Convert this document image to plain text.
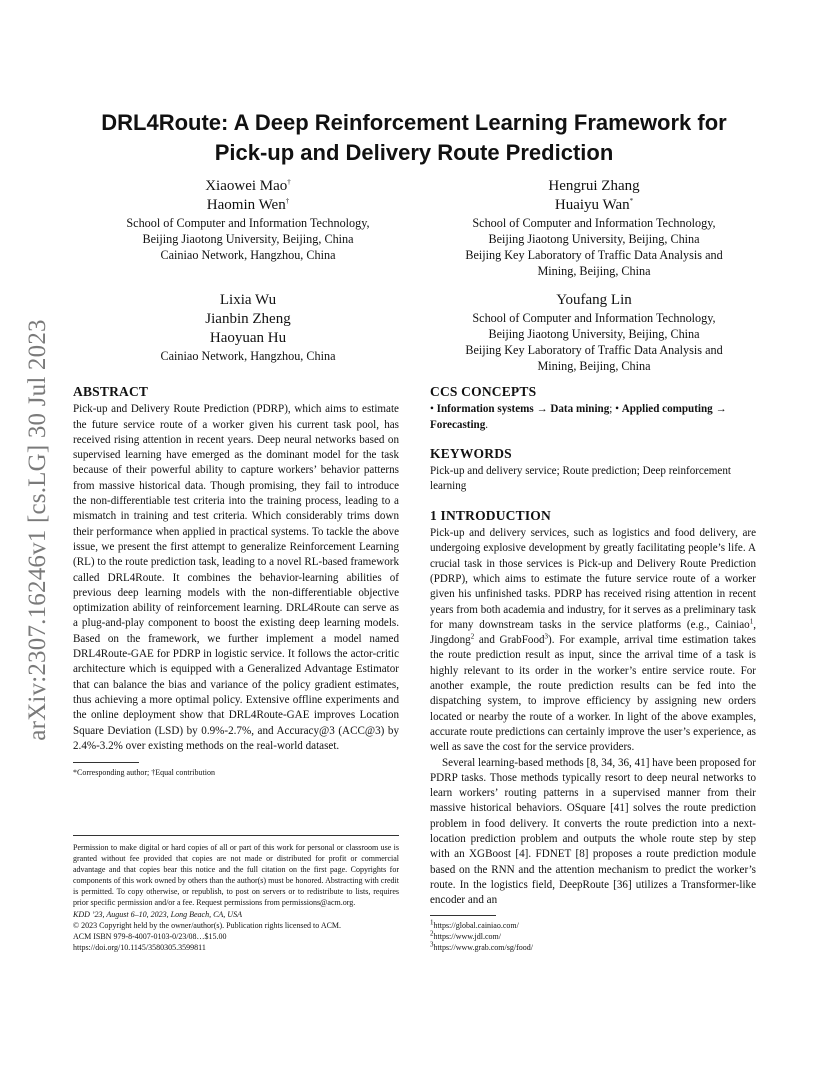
arXiv:2307.16246v1 [cs.LG] 30 Jul 2023
DRL4Route: A Deep Reinforcement Learning Framework for
Pick-up and Delivery Route Prediction
Xiaowei Mao†
Haomin Wen†
School of Computer and Information Technology,
Beijing Jiaotong University, Beijing, China
Cainiao Network, Hangzhou, China
Hengrui Zhang
Huaiyu Wan*
School of Computer and Information Technology,
Beijing Jiaotong University, Beijing, China
Beijing Key Laboratory of Traffic Data Analysis and
Mining, Beijing, China
Lixia Wu
Jianbin Zheng
Haoyuan Hu
Cainiao Network, Hangzhou, China
Youfang Lin
School of Computer and Information Technology,
Beijing Jiaotong University, Beijing, China
Beijing Key Laboratory of Traffic Data Analysis and
Mining, Beijing, China
ABSTRACT

Pick-up and Delivery Route Prediction (PDRP), which aims to estimate the future service route of a worker given his current task pool, has received rising attention in recent years. Deep neural networks based on supervised learning have emerged as the dominant model for the task because of their powerful ability to capture workers’ behavior patterns from massive historical data. Though promising, they fail to introduce the non-differentiable test criteria into the training process, leading to a mismatch in training and test criteria. Which considerably trims down their performance when applied in practical systems. To tackle the above issue, we present the first attempt to generalize Reinforcement Learning (RL) to the route prediction task, leading to a novel RL-based framework called DRL4Route. It combines the behavior-learning abilities of previous deep learning models with the non-differentiable objective optimization ability of reinforcement learning. DRL4Route can serve as a plug-and-play component to boost the existing deep learning models. Based on the framework, we further implement a model named DRL4Route-GAE for PDRP in logistic service. It follows the actor-critic architecture which is equipped with a Generalized Advantage Estimator that can balance the bias and variance of the policy gradient estimates, thus achieving a more optimal policy. Extensive offline experiments and the online deployment show that DRL4Route-GAE improves Location Square Deviation (LSD) by 0.9%-2.7%, and Accuracy@3 (ACC@3) by 2.4%-3.2% over existing methods on the real-world dataset.

*Corresponding author; †Equal contribution

Permission to make digital or hard copies of all or part of this work for personal or classroom use is granted without fee provided that copies are not made or distributed for profit or commercial advantage and that copies bear this notice and the full citation on the first page. Copyrights for components of this work owned by others than the author(s) must be honored. Abstracting with credit is permitted. To copy otherwise, or republish, to post on servers or to redistribute to lists, requires prior specific permission and/or a fee. Request permissions from permissions@acm.org.

KDD ’23, August 6–10, 2023, Long Beach, CA, USA

© 2023 Copyright held by the owner/author(s). Publication rights licensed to ACM.

ACM ISBN 979-8-4007-0103-0/23/08…$15.00

https://doi.org/10.1145/3580305.3599811

CCS CONCEPTS

• Information systems → Data mining; • Applied computing → Forecasting.

KEYWORDS

Pick-up and delivery service; Route prediction; Deep reinforcement learning

1 INTRODUCTION

Pick-up and delivery services, such as logistics and food delivery, are undergoing explosive development by greatly facilitating people’s life. A crucial task in those services is Pick-up and Delivery Route Prediction (PDRP), which aims to estimate the future service route of a worker given his unfinished tasks. PDRP has received rising attention in recent years from both academia and industry, for it serves as a preliminary task for many downstream tasks in the service platforms (e.g., Cainiao$^1$, Jingdong$^2$ and GrabFood$^3$). For example, arrival time estimation takes the route prediction result as input, since the arrival time of a task is highly relevant to its order in the worker’s entire service route. For another example, the route prediction results can be fed into the dispatching system, to improve efficiency by assigning new orders located or nearby the route of a worker. In light of the above examples, accurate route predictions can certainly improve the user’s experience, as well as save the cost for the service providers.

Several learning-based methods [8, 34, 36, 41] have been proposed for PDRP tasks. Those methods typically resort to deep neural networks to learn workers’ routing patterns in a supervised manner from their massive historical behaviors. OSquare [41] solves the route prediction problem in food delivery. It converts the route prediction into a next-location prediction problem and outputs the whole route step by step with an XGBoost [4]. FDNET [8] proposes a route prediction module based on the RNN and the attention mechanism to predict the worker’s route. In the logistics field, DeepRoute [36] utilizes a Transformer-like encoder and an

$^1$https://global.cainiao.com/
$^2$https://www.jdl.com/
$^3$https://www.grab.com/sg/food/
